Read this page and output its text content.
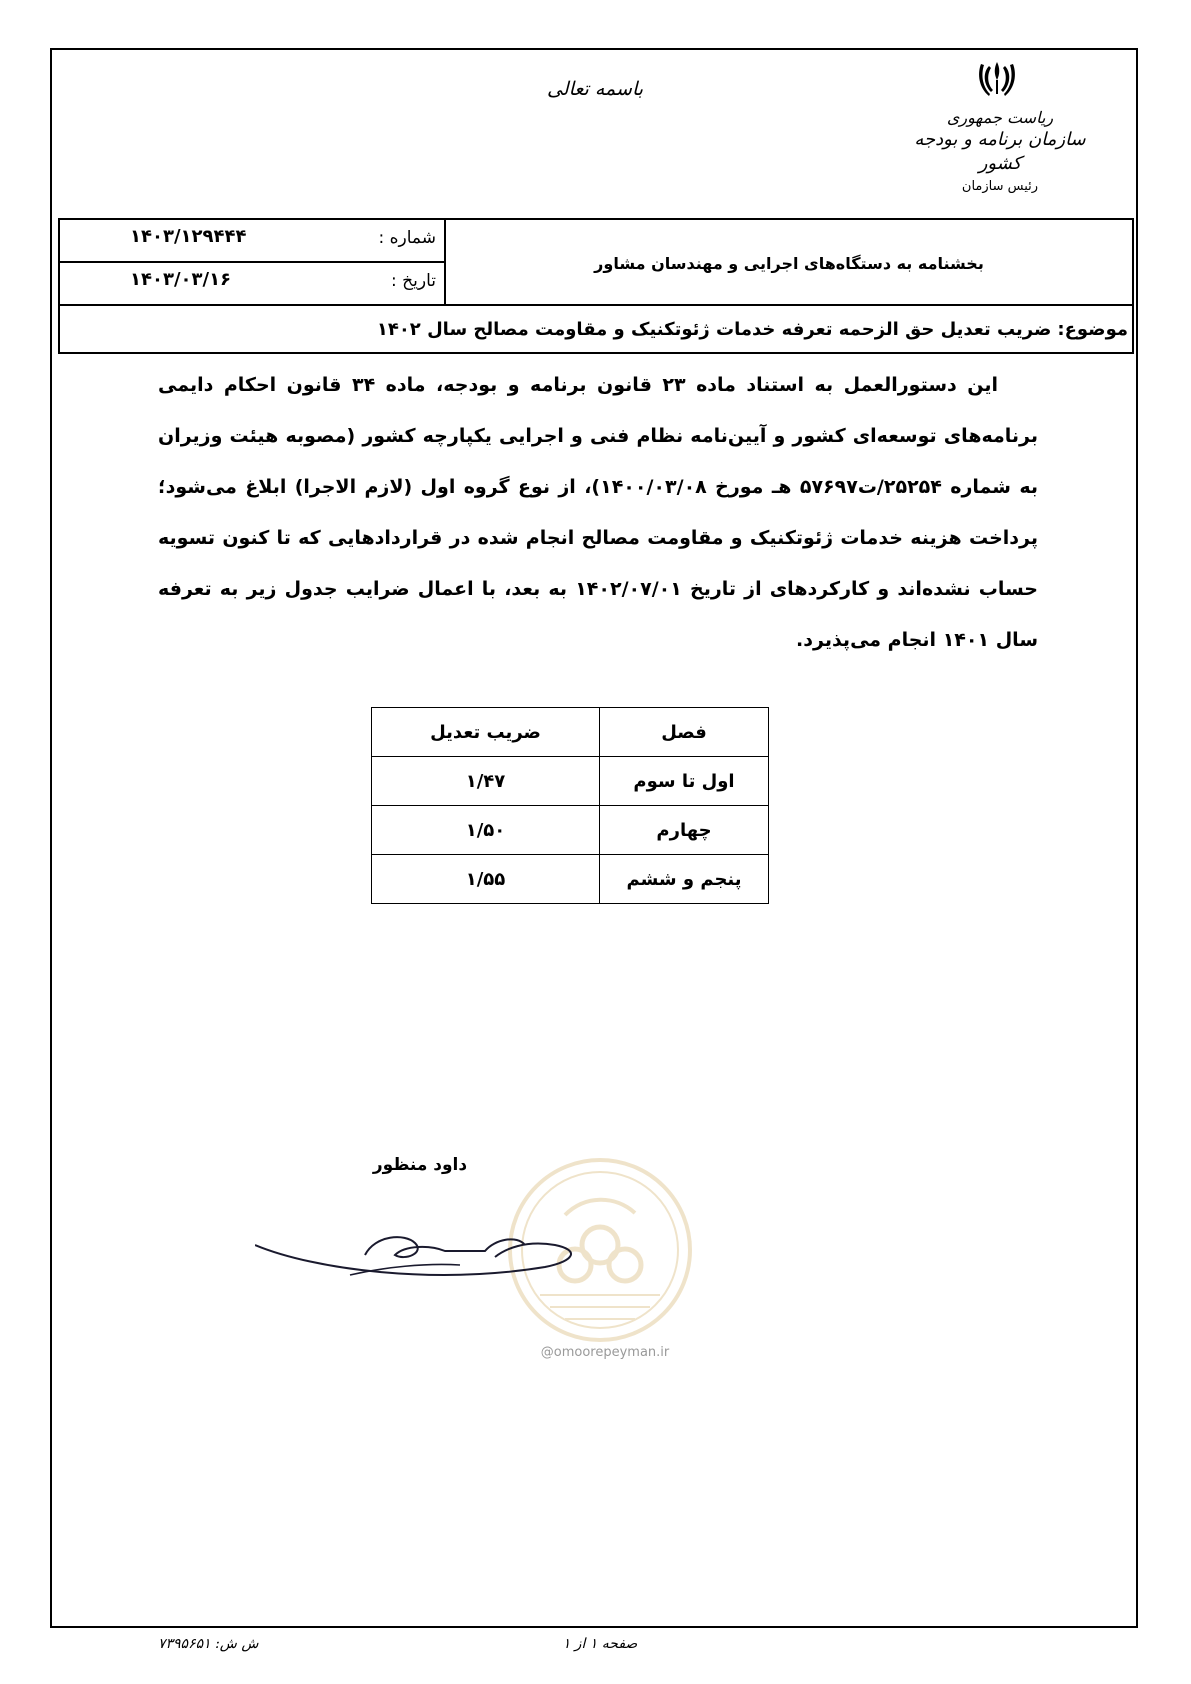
باسمه تعالی
ریاست جمهوری
سازمان برنامه و بودجه کشور
رئیس سازمان
بخشنامه به دستگاه‌های اجرایی و مهندسان مشاور
شماره :
۱۴۰۳/۱۲۹۴۴۴
تاریخ :
۱۴۰۳/۰۳/۱۶
موضوع:
ضریب تعدیل حق الزحمه تعرفه خدمات ژئوتکنیک و مقاومت مصالح سال ۱۴۰۲
این دستورالعمل به استناد ماده ۲۳ قانون برنامه و بودجه، ماده ۳۴ قانون احکام دایمی برنامه‌های توسعه‌ای کشور و آیین‌نامه نظام فنی و اجرایی یکپارچه کشور (مصوبه هیئت وزیران به شماره ۲۵۲۵۴/ت۵۷۶۹۷ هـ مورخ ۱۴۰۰/۰۳/۰۸)، از نوع گروه اول (لازم الاجرا) ابلاغ می‌شود؛ پرداخت هزینه خدمات ژئوتکنیک و مقاومت مصالح انجام شده در قراردادهایی که تا کنون تسویه حساب نشده‌اند و کارکردهای از تاریخ ۱۴۰۲/۰۷/۰۱ به بعد، با اعمال ضرایب جدول زیر به تعرفه سال ۱۴۰۱ انجام می‌پذیرد.
فصل	ضریب تعدیل
اول تا سوم	۱/۴۷
چهارم	۱/۵۰
پنجم و ششم	۱/۵۵
@omoorepeyman.ir
داود منظور
ش ش: ۷۳۹۵۶۵۱	صفحه ۱ از ۱
